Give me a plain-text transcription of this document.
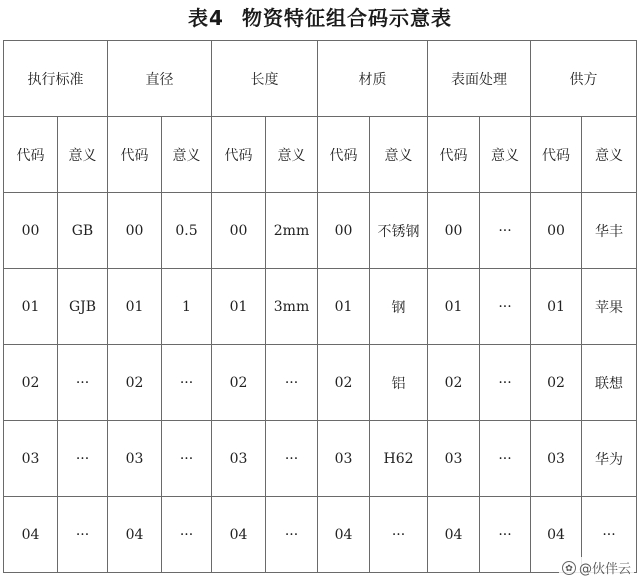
表4 物资特征组合码示意表
执行标准		直径		长度		材质		表面处理		供方	
代码	意义	代码	意义	代码	意义	代码	意义	代码	意义	代码	意义
00	GB	00	0.5	00	2mm	00	不锈钢	00	···	00	华丰
01	GJB	01	1	01	3mm	01	钢	01	···	01	苹果
02	···	02	···	02	···	02	铝	02	···	02	联想
03	···	03	···	03	···	03	H62	03	···	03	华为
04	···	04	···	04	···	04	···	04	···	04	···
✿ @伙伴云
